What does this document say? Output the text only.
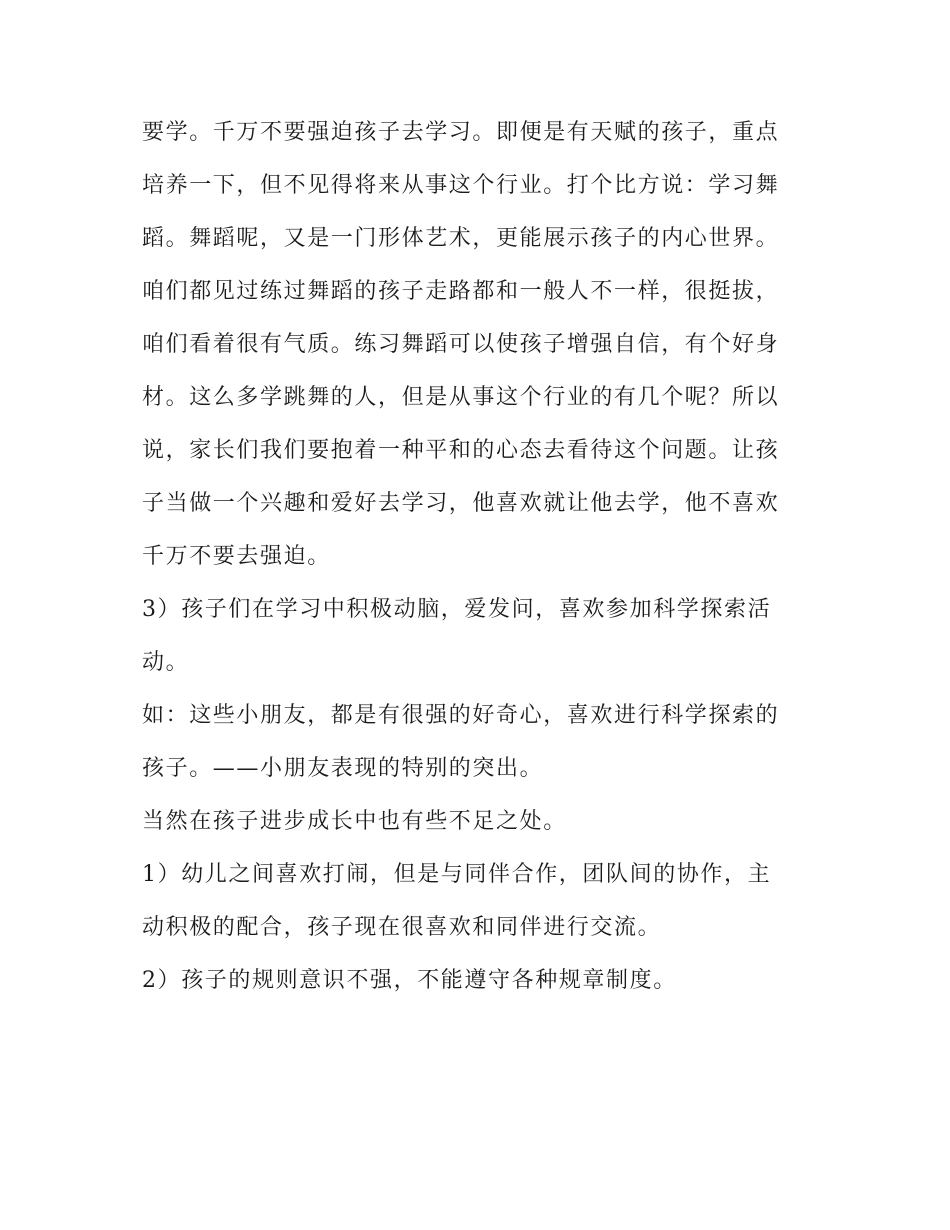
要学。千万不要强迫孩子去学习。即便是有天赋的孩子，重点
培养一下，但不见得将来从事这个行业。打个比方说：学习舞
蹈。舞蹈呢，又是一门形体艺术，更能展示孩子的内心世界。
咱们都见过练过舞蹈的孩子走路都和一般人不一样，很挺拔，
咱们看着很有气质。练习舞蹈可以使孩子增强自信，有个好身
材。这么多学跳舞的人，但是从事这个行业的有几个呢？所以
说，家长们我们要抱着一种平和的心态去看待这个问题。让孩
子当做一个兴趣和爱好去学习，他喜欢就让他去学，他不喜欢
千万不要去强迫。
3）孩子们在学习中积极动脑，爱发问，喜欢参加科学探索活
动。
如：这些小朋友，都是有很强的好奇心，喜欢进行科学探索的
孩子。——小朋友表现的特别的突出。
当然在孩子进步成长中也有些不足之处。
1）幼儿之间喜欢打闹，但是与同伴合作，团队间的协作，主
动积极的配合，孩子现在很喜欢和同伴进行交流。
2）孩子的规则意识不强，不能遵守各种规章制度。
